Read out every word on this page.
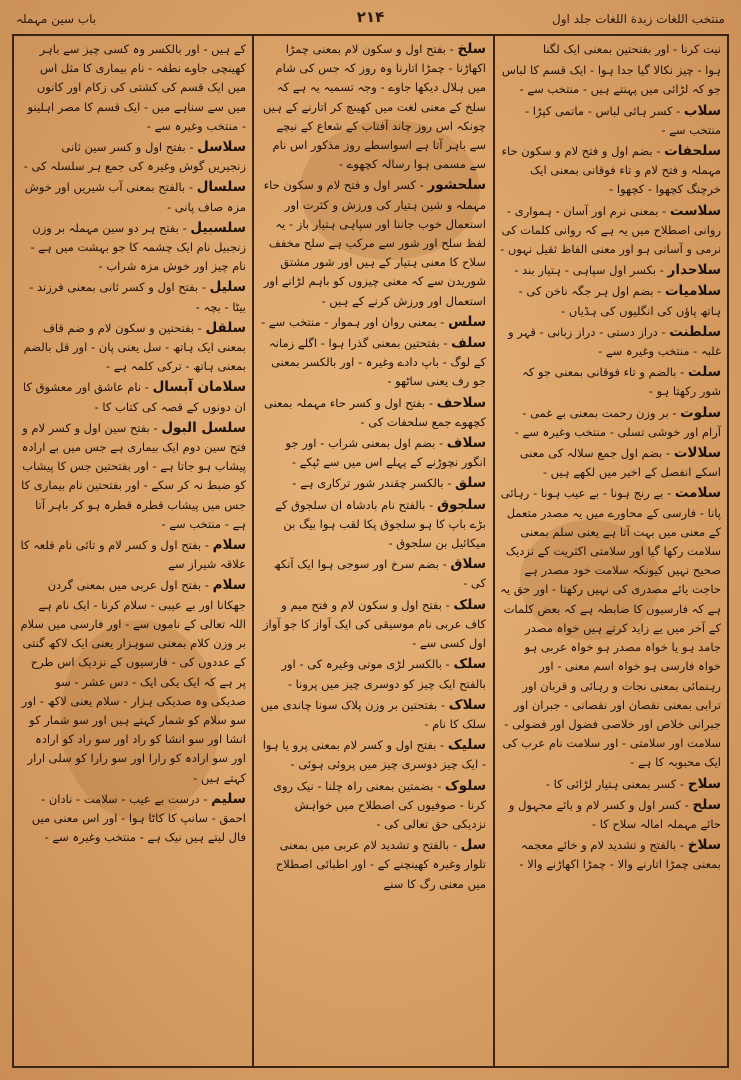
منتخب اللغات زبدة اللغات جلد اول
۲۱۴
باب سین مہملہ
نیت کرنا - اور بفتحتین بمعنی ایک لگنا
ہوا - چیز نکالا گیا جدا ہوا - ایک قسم کا لباس جو کہ لڑائی میں پہنتے ہیں - منتخب سے -
سلاب - کسر ہائی لباس - ماتمی کپڑا - منتخب سے -
سلحفات - بضم اول و فتح لام و سکون حاء مہملہ و فتح لام و تاء فوقانی بمعنی ایک خرچنگ کچھوا - کچھوا -
سلاست - بمعنی نرم اور آسان - ہمواری - روانی اصطلاح میں یہ ہے کہ روانی کلمات کی نرمی و آسانی ہو اور معنی الفاظ ثقیل نہوں -
سلاحدار - بکسر اول سپاہی - ہتیار بند -
سلامیات - بضم اول ہر جگہ ناخن کی - ہاتھ پاؤں کی انگلیوں کی ہڈیاں -
سلطنت - دراز دستی - دراز زبانی - قہر و غلبہ - منتخب وغیرہ سے -
سلت - بالضم و تاء فوقانی بمعنی جو کہ شور رکھتا ہو -
سلوت - بر وزن رحمت بمعنی بے غمی - آرام اور خوشی تسلی - منتخب وغیرہ سے -
سلالات - بضم اول جمع سلالہ کی معنی اسکے انفصل کے اخیر میں لکھے ہیں -
سلامت - بے رنج ہونا - بے عیب ہونا - رہائی پانا - فارسی کے محاورے میں یہ مصدر متعمل کے معنی میں بہت آتا ہے یعنی سلم بمعنی سلامت رکھا گیا اور سلامتی اکثریت کے نزدیک صحیح نہیں کیونکہ سلامت خود مصدر ہے حاجت یائے مصدری کی نہیں رکھتا - اور حق یہ ہے کہ فارسیوں کا ضابطہ ہے کہ بعض کلمات کے آخر میں یے زاید کرتے ہیں خواہ مصدر جامد ہو یا خواہ مصدر ہو خواہ عربی ہو خواہ فارسی ہو خواہ اسم معنی - اور رہنمائی بمعنی نجات و رہائی و قربان اور ترابی بمعنی نقصان اور نقصانی - جبران اور جبرانی خلاص اور خلاصی فضول اور فضولی - سلامت اور سلامتی - اور سلامت نام عرب کی ایک محبوبہ کا ہے -
سلاح - کسر بمعنی ہتیار لڑائی کا -
سلح - کسر اول و کسر لام و بائے مجہول و حائے مہملہ امالہ سلاح کا -
سلاخ - بالفتح و تشدید لام و خائے معجمہ بمعنی چمڑا اتارنے والا - چمڑا اکھاڑنے والا -
سلخ - بفتح اول و سکون لام بمعنی چمڑا اکھاڑنا - چمڑا اتارنا وہ روز کہ جس کی شام میں ہلال دیکھا جاوے - وجہ تسمیہ یہ ہے کہ سلخ کے معنی لغت میں کھینچ کر اتارنے کے ہیں چونکہ اس روز چاند آفتاب کے شعاع کے نیچے سے باہر آتا ہے اسواسطے روز مذکور اس نام سے مسمی ہوا رسالہ کچھوے -
سلحشور - کسر اول و فتح لام و سکون حاء مہملہ و شین ہتیار کی ورزش و کثرت اور استعمال خوب جاننا اور سپاہی ہتیار باز - یہ لفظ سلح اور شور سے مرکب ہے سلح مخفف سلاح کا معنی ہتیار کے ہیں اور شور مشتق شوریدن سے کہ معنی چیزوں کو باہم لڑانے اور استعمال اور ورزش کرنے کے ہیں -
سلس - بمعنی روان اور ہموار - منتخب سے -
سلف - بفتحتین بمعنی گذرا ہوا - اگلے زمانہ کے لوگ - باپ دادے وغیرہ - اور بالکسر بمعنی جو رف یعنی ساٹھو -
سلاحف - بفتح اول و کسر حاء مہملہ بمعنی کچھوے جمع سلحفات کی -
سلاف - بضم اول بمعنی شراب - اور جو انگور نچوڑنے کے پہلے اس میں سے ٹپکے -
سلق - بالکسر چقندر شور ترکاری ہے -
سلجوق - بالفتح نام بادشاہ ان سلجوق کے بڑے باپ کا ہو سلجوق پکا لقب ہوا بیگ بن میکائیل بن سلجوق -
سلاق - بضم سرخ اور سوجی ہوا ایک آنکھ کی -
سلک - بفتح اول و سکون لام و فتح میم و کاف عربی نام موسیقی کی ایک آواز کا جو آواز اول کسی سے -
سلک - بالکسر لڑی موتی وغیرہ کی - اور بالفتح ایک چیز کو دوسری چیز میں پرونا -
سلاک - بفتحتین بر وزن پلاک سونا چاندی میں سلک کا نام -
سلیک - بفتح اول و کسر لام بمعنی پرو یا ہوا - ایک چیز دوسری چیز میں پروئی ہوئی -
سلوک - بضمتین بمعنی راہ چلنا - نیک روی کرنا - صوفیوں کی اصطلاح میں خواہش نزدیکی حق تعالی کی -
سل - بالفتح و تشدید لام عربی میں بمعنی تلوار وغیرہ کھینچنے کے - اور اطبائی اصطلاح میں معنی رگ کا سنے
کے ہیں - اور بالکسر وہ کسی چیز سے باہر کھینچی جاوے نطفہ - نام بیماری کا مثل اس میں ایک قسم کی کشتی کی زکام اور کانوں میں سے سناہے میں - ایک قسم کا مصر اہلینو - منتخب وغیرہ سے -
سلاسل - بفتح اول و کسر سین ثانی زنجیریں گوش وغیرہ کی جمع ہر سلسلہ کی -
سلسال - بالفتح بمعنی آب شیریں اور خوش مزہ صاف پانی -
سلسبیل - بفتح ہر دو سین مہملہ بر وزن زنجبیل نام ایک چشمہ کا جو بہشت میں ہے - نام چیز اور خوش مزہ شراب -
سلیل - بفتح اول و کسر ثانی بمعنی فرزند - بیٹا - بچہ -
سلقل - بفتحتین و سکون لام و ضم قاف بمعنی ایک ہاتھ - سل یعنی پان - اور قل بالضم بمعنی ہاتھ - ترکی کلمہ ہے -
سلامان آبسال - نام عاشق اور معشوق کا ان دونوں کے قصہ کی کتاب کا -
سلسل البول - بفتح سین اول و کسر لام و فتح سین دوم ایک بیماری ہے جس میں بے ارادہ پیشاب ہو جاتا ہے - اور بفتحتین جس کا پیشاب کو ضبط نہ کر سکے - اور بفتحتین نام بیماری کا جس میں پیشاب قطرہ قطرہ ہو کر باہر آتا ہے - منتخب سے -
سلام - بفتح اول و کسر لام و تائی نام قلعہ کا علاقہ شیراز سے
سلام - بفتح اول عربی میں بمعنی گردن جھکانا اور بے عیبی - سلام کرنا - ایک نام ہے اللہ تعالی کے ناموں سے - اور فارسی میں سلام بر وزن کلام بمعنی سوہزار یعنی ایک لاکھ گنتی کے عددوں کی - فارسیوں کے نزدیک اس طرح پر ہے کہ ایک یکی ایک - دس عشر - سو صدیکی وہ صدیکی ہزار - سلام یعنی لاکھ - اور سو سلام کو شمار کہتے ہیں اور سو شمار کو انشا اور سو انشا کو راد اور سو راد کو ارادہ اور سو ارادہ کو رارا اور سو رارا کو سلی ارار کہتے ہیں -
سلیم - درست بے عیب - سلامت - نادان - احمق - سانپ کا کاٹا ہوا - اور اس معنی میں فال لیتے ہیں نیک ہے - منتخب وغیرہ سے -
